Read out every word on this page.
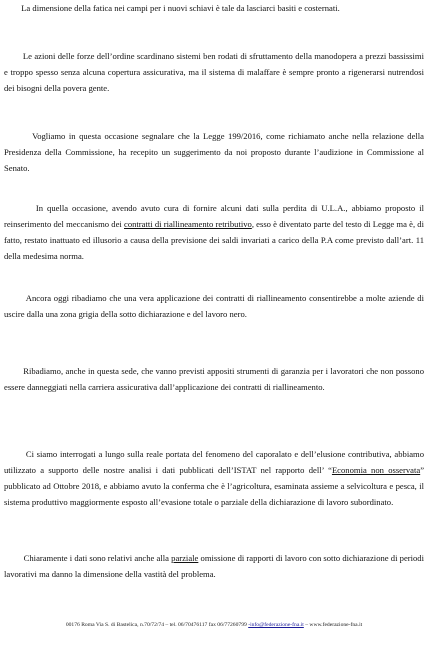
La dimensione della fatica nei campi per i nuovi schiavi è tale da lasciarci basiti e costernati.
Le azioni delle forze dell’ordine scardinano sistemi ben rodati di sfruttamento della manodopera a prezzi bassissimi e troppo spesso senza alcuna copertura assicurativa, ma il sistema di malaffare è sempre pronto a rigenerarsi nutrendosi dei bisogni della povera gente.
Vogliamo in questa occasione segnalare che la Legge 199/2016, come richiamato anche nella relazione della Presidenza della Commissione, ha recepito un suggerimento da noi proposto durante l’audizione in Commissione al Senato.
In quella occasione, avendo avuto cura di fornire alcuni dati sulla perdita di U.L.A., abbiamo proposto il reinserimento del meccanismo dei contratti di riallineamento retributivo, esso è diventato parte del testo di Legge ma è, di fatto, restato inattuato ed illusorio a causa della previsione dei saldi invariati a carico della P.A come previsto dall’art. 11 della medesima norma.
Ancora oggi ribadiamo che una vera applicazione dei contratti di riallineamento consentirebbe a molte aziende di uscire dalla una zona grigia della sotto dichiarazione e del lavoro nero.
Ribadiamo, anche in questa sede, che vanno previsti appositi strumenti di garanzia per i lavoratori che non possono essere danneggiati nella carriera assicurativa dall’applicazione dei contratti di riallineamento.
Ci siamo interrogati a lungo sulla reale portata del fenomeno del caporalato e dell’elusione contributiva, abbiamo utilizzato a supporto delle nostre analisi i dati pubblicati dell’ISTAT nel rapporto dell’ “Economia non osservata” pubblicato ad Ottobre 2018, e abbiamo avuto la conferma che è l’agricoltura, esaminata assieme a selvicoltura e pesca, il sistema produttivo maggiormente esposto all’evasione totale o parziale della dichiarazione di lavoro subordinato.
Chiaramente i dati sono relativi anche alla parziale omissione di rapporti di lavoro con sotto dichiarazione di periodi lavorativi ma danno la dimensione della vastità del problema.
00176 Roma Via S. di Bastelica, n.70/72/74 – tel. 06/70476117 fax 06/77260799 -info@federazione-fna.it – www.federazione-fna.it
